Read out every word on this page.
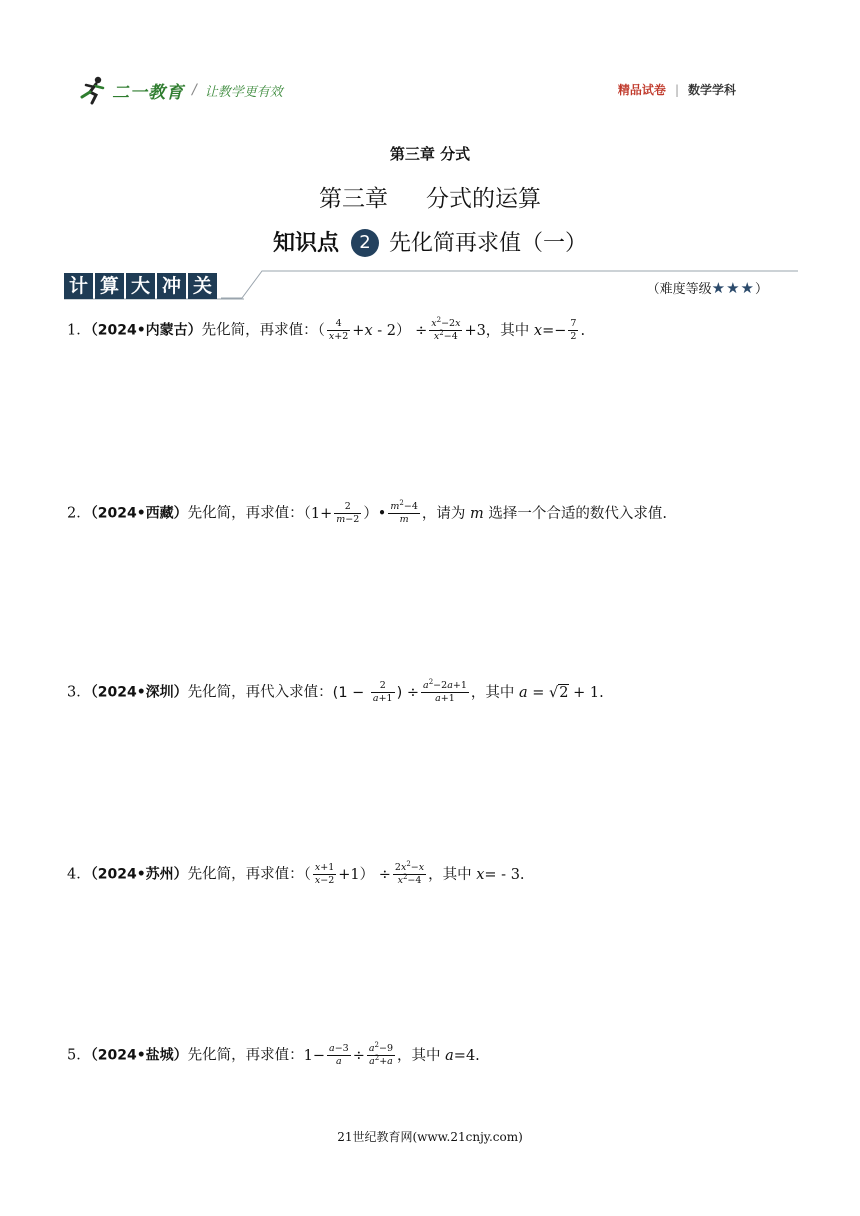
二一教育 / 让教学更有效	精品试卷 | 数学学科
第三章 分式
第三章 分式的运算
知识点 2 先化简再求值（一）
计 算 大 冲 关	（难度等级★★★）
1．（2024•内蒙古）先化简，再求值：（ $\frac{4}{x+2} +x - 2) \div \frac{x^2-2x}{x^2-4} +3$，其中 $x=- \frac{7}{2}$ .
2．（2024•西藏）先化简，再求值：（$1+ \frac{2}{m-2}$ ）• $\frac{m^2-4}{m}$ ，请为 m 选择一个合适的数代入求值.
3．（2024•深圳）先化简，再代入求值：($1 - \frac{2}{a+1}$ ) ÷ $\frac{a^2-2a+1}{a+1}$ ，其中 a = √2 + 1.
4．（2024•苏州）先化简，再求值：（ $\frac{x+1}{x-2} +1) \div \frac{2x^2-x}{x^2-4}$ ，其中 x= - 3.
5．（2024•盐城）先化简，再求值：$1- \frac{a-3}{a} \div \frac{a^2-9}{a^2+a}$ ，其中 a=4.
21世纪教育网(www.21cnjy.com)
